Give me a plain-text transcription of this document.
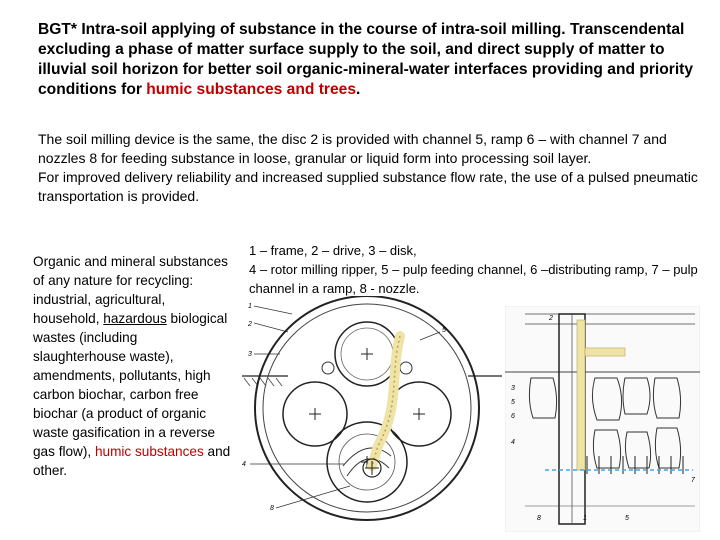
BGT* Intra-soil applying of substance in the course of intra-soil milling. Transcendental excluding a phase of matter surface supply to the soil, and direct supply of matter to illuvial soil horizon for better soil organic-mineral-water interfaces providing and priority conditions for humic substances and trees.

The soil milling device is the same, the disc 2 is provided with channel 5, ramp 6 – with channel 7 and nozzles 8 for feeding substance in loose, granular or liquid form into processing soil layer.

For improved delivery reliability and increased supplied substance flow rate, the use of a pulsed pneumatic transportation is provided.

Organic and mineral substances of any nature for recycling: industrial, agricultural, household, hazardous biological wastes (including slaughterhouse waste), amendments, pollutants, high carbon biochar, carbon free biochar (a product of organic waste gasification in a reverse gas flow), humic substances and other.
1 – frame, 2 – drive, 3 – disk,
4 – rotor milling ripper, 5 – pulp feeding channel, 6 –distributing ramp, 7 – pulp channel in a ramp, 8 - nozzle.
1
2
3
4
5
8
2
3
5
6
4
7
8	1	5
